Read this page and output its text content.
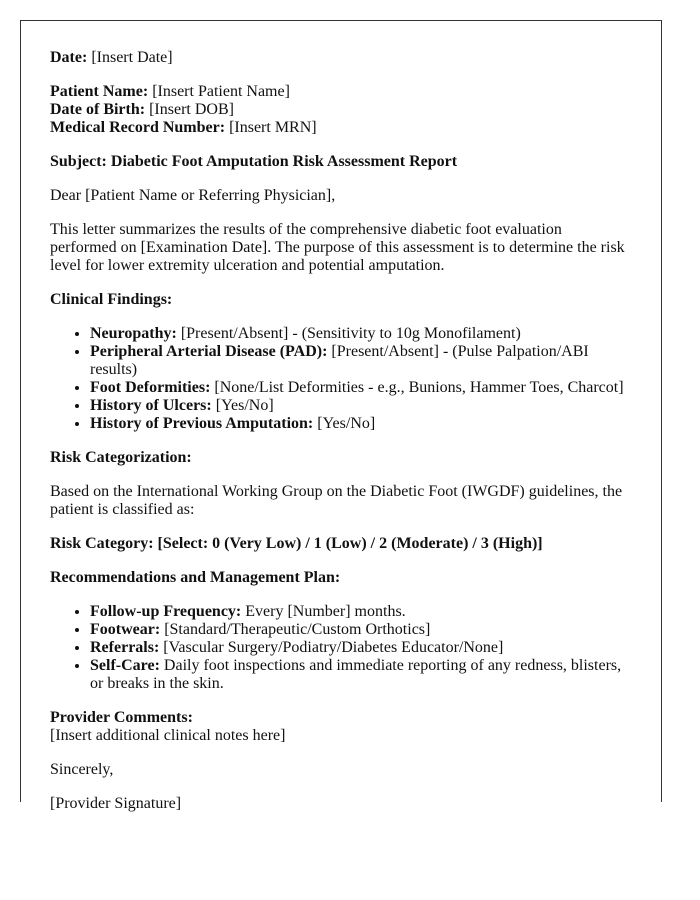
Date: [Insert Date]

Patient Name: [Insert Patient Name]
Date of Birth: [Insert DOB]
Medical Record Number: [Insert MRN]

Subject: Diabetic Foot Amputation Risk Assessment Report

Dear [Patient Name or Referring Physician],

This letter summarizes the results of the comprehensive diabetic foot evaluation performed on [Examination Date]. The purpose of this assessment is to determine the risk level for lower extremity ulceration and potential amputation.

Clinical Findings:

• Neuropathy: [Present/Absent] - (Sensitivity to 10g Monofilament)
• Peripheral Arterial Disease (PAD): [Present/Absent] - (Pulse Palpation/ABI results)
• Foot Deformities: [None/List Deformities - e.g., Bunions, Hammer Toes, Charcot]
• History of Ulcers: [Yes/No]
• History of Previous Amputation: [Yes/No]

Risk Categorization:

Based on the International Working Group on the Diabetic Foot (IWGDF) guidelines, the patient is classified as:

Risk Category: [Select: 0 (Very Low) / 1 (Low) / 2 (Moderate) / 3 (High)]

Recommendations and Management Plan:

• Follow-up Frequency: Every [Number] months.
• Footwear: [Standard/Therapeutic/Custom Orthotics]
• Referrals: [Vascular Surgery/Podiatry/Diabetes Educator/None]
• Self-Care: Daily foot inspections and immediate reporting of any redness, blisters, or breaks in the skin.

Provider Comments:
[Insert additional clinical notes here]

Sincerely,

[Provider Signature]
